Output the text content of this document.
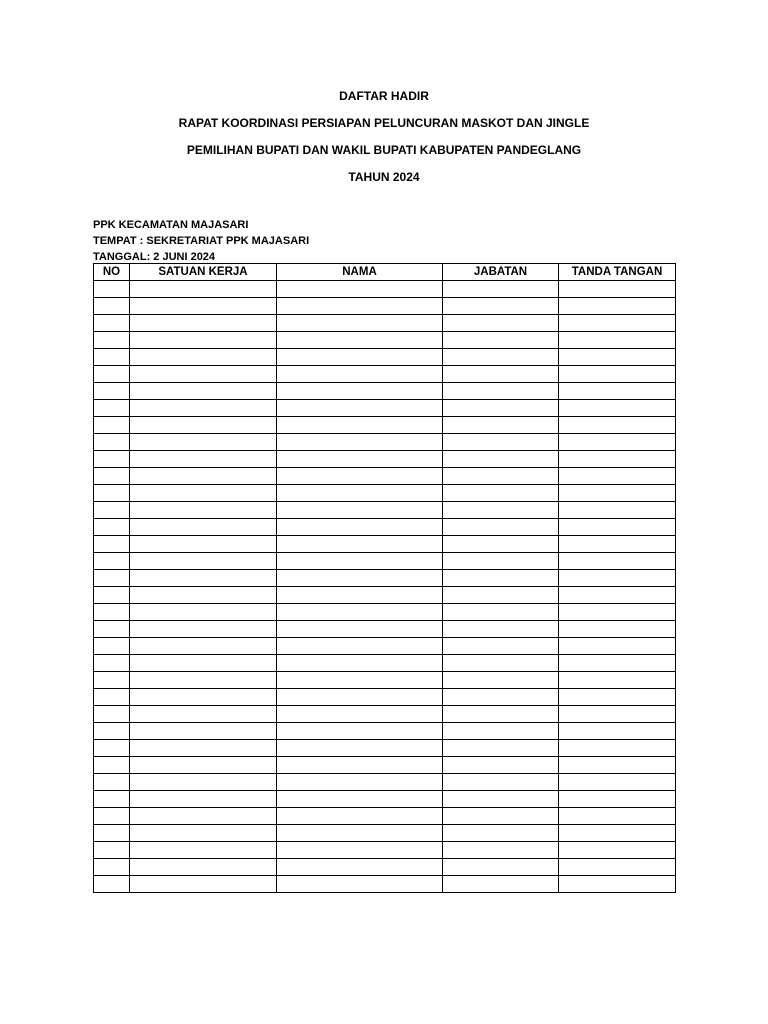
DAFTAR HADIR
RAPAT KOORDINASI PERSIAPAN PELUNCURAN MASKOT DAN JINGLE
PEMILIHAN BUPATI DAN WAKIL BUPATI KABUPATEN PANDEGLANG
TAHUN 2024
PPK KECAMATAN MAJASARI
TEMPAT : SEKRETARIAT PPK MAJASARI
TANGGAL: 2 JUNI 2024
NO	SATUAN KERJA	NAMA	JABATAN	TANDA TANGAN
